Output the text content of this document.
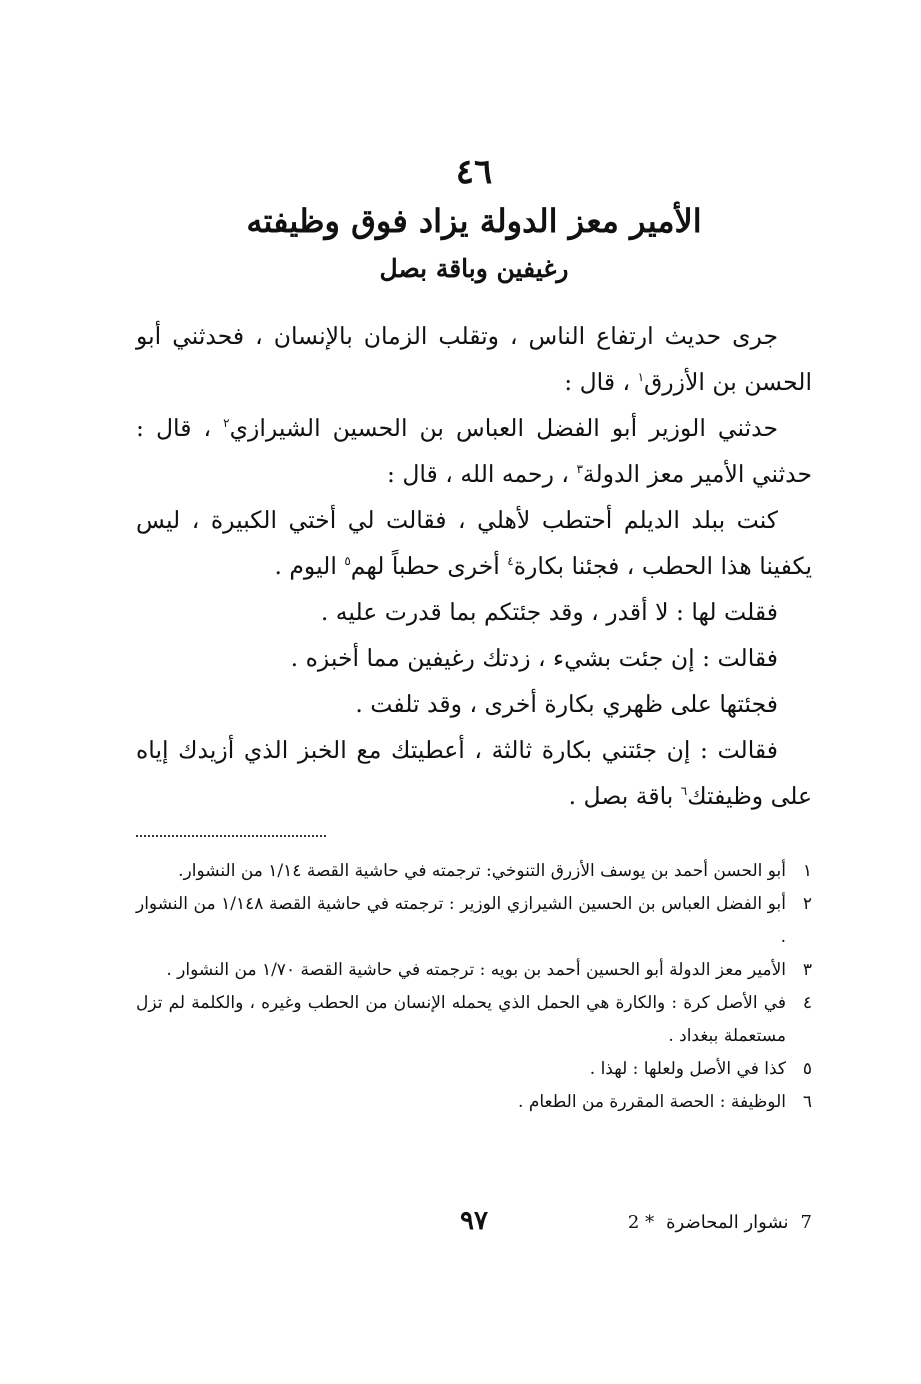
٤٦
الأمير معز الدولة يزاد فوق وظيفته
رغيفين وباقة بصل

جرى حديث ارتفاع الناس ، وتقلب الزمان بالإنسان ، فحدثني أبو الحسن بن الأزرق$^١$ ، قال :

حدثني الوزير أبو الفضل العباس بن الحسين الشيرازي$^٢$ ، قال : حدثني الأمير معز الدولة$^٣$ ، رحمه الله ، قال :

كنت ببلد الديلم أحتطب لأهلي ، فقالت لي أختي الكبيرة ، ليس يكفينا هذا الحطب ، فجئنا بكارة$^٤$ أخرى حطباً لهم$^٥$ اليوم .

فقلت لها : لا أقدر ، وقد جئتكم بما قدرت عليه .

فقالت : إن جئت بشيء ، زدتك رغيفين مما أخبزه .

فجئتها على ظهري بكارة أخرى ، وقد تلفت .

فقالت : إن جئتني بكارة ثالثة ، أعطيتك مع الخبز الذي أزيدك إياه على وظيفتك$^٦$ باقة بصل .

١
أبو الحسن أحمد بن يوسف الأزرق التنوخي: ترجمته في حاشية القصة ١/١٤ من النشوار.
٢
أبو الفضل العباس بن الحسين الشيرازي الوزير : ترجمته في حاشية القصة ١/١٤٨ من النشوار .
٣
الأمير معز الدولة أبو الحسين أحمد بن بويه : ترجمته في حاشية القصة ١/٧٠ من النشوار .
٤
في الأصل كرة : والكارة هي الحمل الذي يحمله الإنسان من الحطب وغيره ، والكلمة لم تزل مستعملة ببغداد .
٥
كذا في الأصل ولعلها : لهذا .
٦
الوظيفة : الحصة المقررة من الطعام .
7
نشوار المحاضرة
* 2
٩٧
